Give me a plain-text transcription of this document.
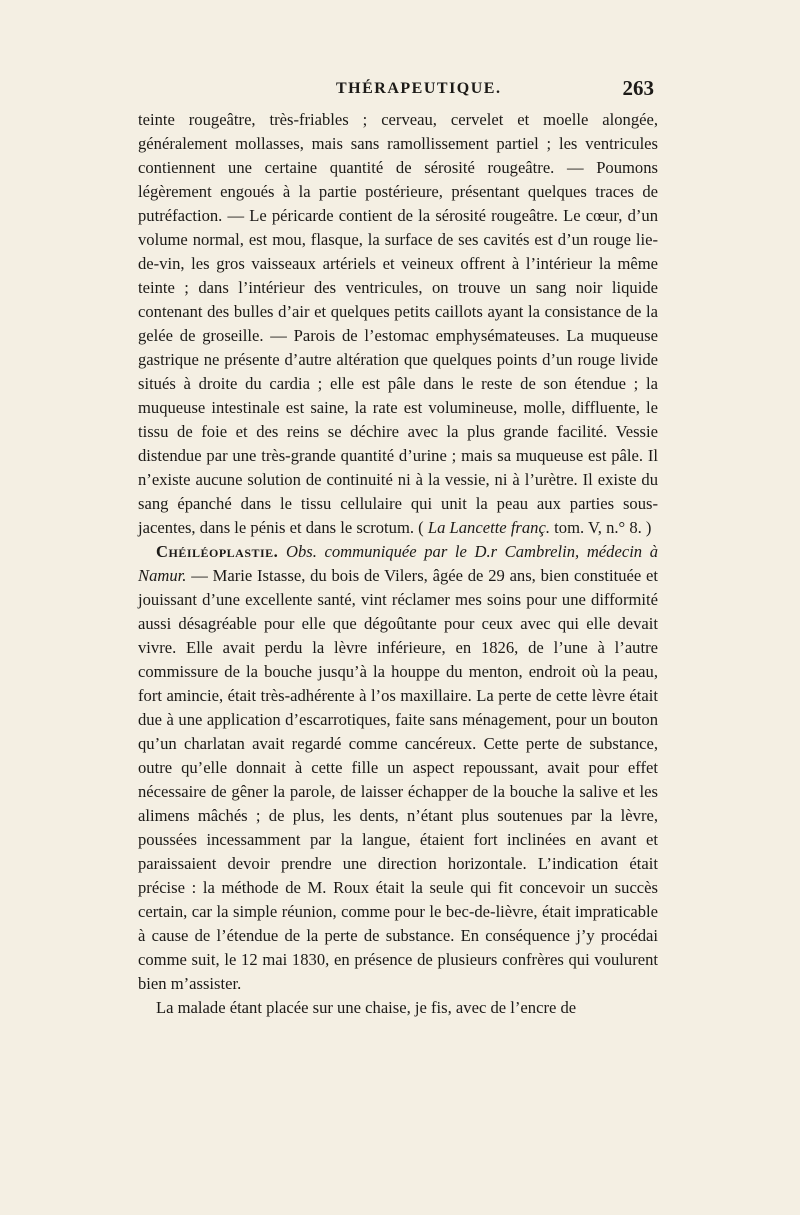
THÉRAPEUTIQUE.	263

teinte rougeâtre, très-friables ; cerveau, cervelet et moelle alongée, généralement mollasses, mais sans ramollissement partiel ; les ventricules contiennent une certaine quantité de sérosité rougeâtre. — Poumons légèrement engoués à la partie postérieure, présentant quelques traces de putréfaction. — Le péricarde contient de la sérosité rougeâtre. Le cœur, d’un volume normal, est mou, flasque, la surface de ses cavités est d’un rouge lie-de-vin, les gros vaisseaux artériels et veineux offrent à l’intérieur la même teinte ; dans l’intérieur des ventricules, on trouve un sang noir liquide contenant des bulles d’air et quelques petits caillots ayant la consistance de la gelée de groseille. — Parois de l’estomac emphysémateuses. La muqueuse gastrique ne présente d’autre altération que quelques points d’un rouge livide situés à droite du cardia ; elle est pâle dans le reste de son étendue ; la muqueuse intestinale est saine, la rate est volumineuse, molle, diffluente, le tissu de foie et des reins se déchire avec la plus grande facilité. Vessie distendue par une très-grande quantité d’urine ; mais sa muqueuse est pâle. Il n’existe aucune solution de continuité ni à la vessie, ni à l’urètre. Il existe du sang épanché dans le tissu cellulaire qui unit la peau aux parties sous-jacentes, dans le pénis et dans le scrotum. ( La Lancette franç. tom. V, n.° 8. )

Chéiléoplastie. Obs. communiquée par le D.r Cambrelin, médecin à Namur. — Marie Istasse, du bois de Vilers, âgée de 29 ans, bien constituée et jouissant d’une excellente santé, vint réclamer mes soins pour une difformité aussi désagréable pour elle que dégoûtante pour ceux avec qui elle devait vivre. Elle avait perdu la lèvre inférieure, en 1826, de l’une à l’autre commissure de la bouche jusqu’à la houppe du menton, endroit où la peau, fort amincie, était très-adhérente à l’os maxillaire. La perte de cette lèvre était due à une application d’escarrotiques, faite sans ménagement, pour un bouton qu’un charlatan avait regardé comme cancéreux. Cette perte de substance, outre qu’elle donnait à cette fille un aspect repoussant, avait pour effet nécessaire de gêner la parole, de laisser échapper de la bouche la salive et les alimens mâchés ; de plus, les dents, n’étant plus soutenues par la lèvre, poussées incessamment par la langue, étaient fort inclinées en avant et paraissaient devoir prendre une direction horizontale. L’indication était précise : la méthode de M. Roux était la seule qui fit concevoir un succès certain, car la simple réunion, comme pour le bec-de-lièvre, était impraticable à cause de l’étendue de la perte de substance. En conséquence j’y procédai comme suit, le 12 mai 1830, en présence de plusieurs confrères qui voulurent bien m’assister.

La malade étant placée sur une chaise, je fis, avec de l’encre de
